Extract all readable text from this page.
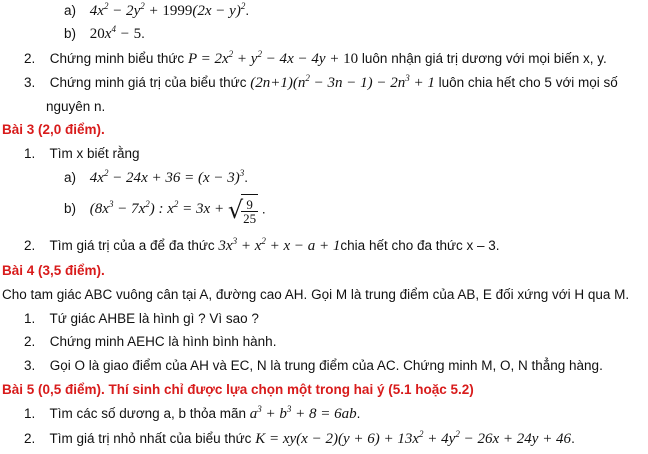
a) $4x^2 - 2y^2 + 1999(2x - y)^2$.
b) $20x^4 - 5$.
2. Chứng minh biểu thức $P = 2x^2 + y^2 - 4x - 4y + 10$ luôn nhận giá trị dương với mọi biến x, y.
3. Chứng minh giá trị của biểu thức $(2n+1)(n^2 - 3n - 1) - 2n^3 + 1$ luôn chia hết cho 5 với mọi số
nguyên n.
Bài 3 (2,0 điểm).
1. Tìm x biết rằng
a) $4x^2 - 24x + 36 = (x - 3)^3$.
b) $(8x^3 - 7x^2)$ : $x^2 = 3x$ + √
$\frac{9}{25}$ .
2. Tìm giá trị của a để đa thức $3x^3 + x^2 + x - a$ + 1chia hết cho đa thức x – 3.
Bài 4 (3,5 điểm).
Cho tam giác ABC vuông cân tại A, đường cao AH. Gọi M là trung điểm của AB, E đối xứng với H qua M.
1. Tứ giác AHBE là hình gì ? Vì sao ?
2. Chứng minh AEHC là hình bình hành.
3. Gọi O là giao điểm của AH và EC, N là trung điểm của AC. Chứng minh M, O, N thẳng hàng.
Bài 5 (0,5 điểm). Thí sinh chỉ được lựa chọn một trong hai ý (5.1 hoặc 5.2)
1. Tìm các số dương a, b thỏa mãn $a^3 + b^3 + 8 = 6ab$.
2. Tìm giá trị nhỏ nhất của biểu thức $K = xy(x - 2)(y + 6) + 13x^2 + 4y^2 - 26x + 24y + 46$.
